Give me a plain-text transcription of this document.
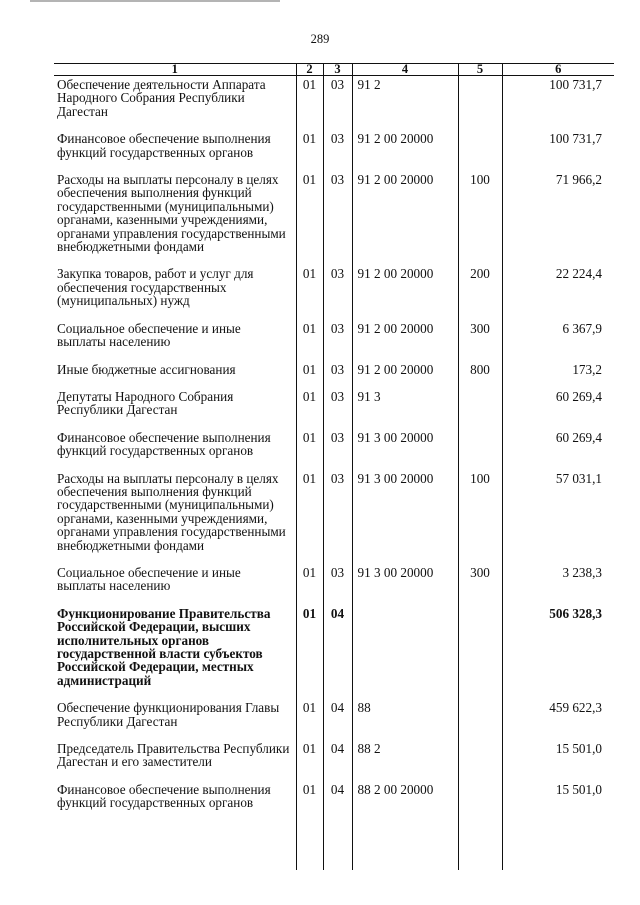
289
1	2	3	4	5	6
Обеспечение деятельности Аппарата Народного Собрания Республики Дагестан	01	03	91 2		100 731,7
Финансовое обеспечение выполнения функций государственных органов	01	03	91 2 00 20000		100 731,7
Расходы на выплаты персоналу в целях обеспечения выполнения функций государственными (муниципальными) органами, казенными учреждениями, органами управления государственными внебюджетными фондами	01	03	91 2 00 20000	100	71 966,2
Закупка товаров, работ и услуг для обеспечения государственных (муниципальных) нужд	01	03	91 2 00 20000	200	22 224,4
Социальное обеспечение и иные выплаты населению	01	03	91 2 00 20000	300	6 367,9
Иные бюджетные ассигнования	01	03	91 2 00 20000	800	173,2
Депутаты Народного Собрания Республики Дагестан	01	03	91 3		60 269,4
Финансовое обеспечение выполнения функций государственных органов	01	03	91 3 00 20000		60 269,4
Расходы на выплаты персоналу в целях обеспечения выполнения функций государственными (муниципальными) органами, казенными учреждениями, органами управления государственными внебюджетными фондами	01	03	91 3 00 20000	100	57 031,1
Социальное обеспечение и иные выплаты населению	01	03	91 3 00 20000	300	3 238,3
Функционирование Правительства Российской Федерации, высших исполнительных органов государственной власти субъектов Российской Федерации, местных администраций	01	04			506 328,3
Обеспечение функционирования Главы Республики Дагестан	01	04	88		459 622,3
Председатель Правительства Республики Дагестан и его заместители	01	04	88 2		15 501,0
Финансовое обеспечение выполнения функций государственных органов	01	04	88 2 00 20000		15 501,0
